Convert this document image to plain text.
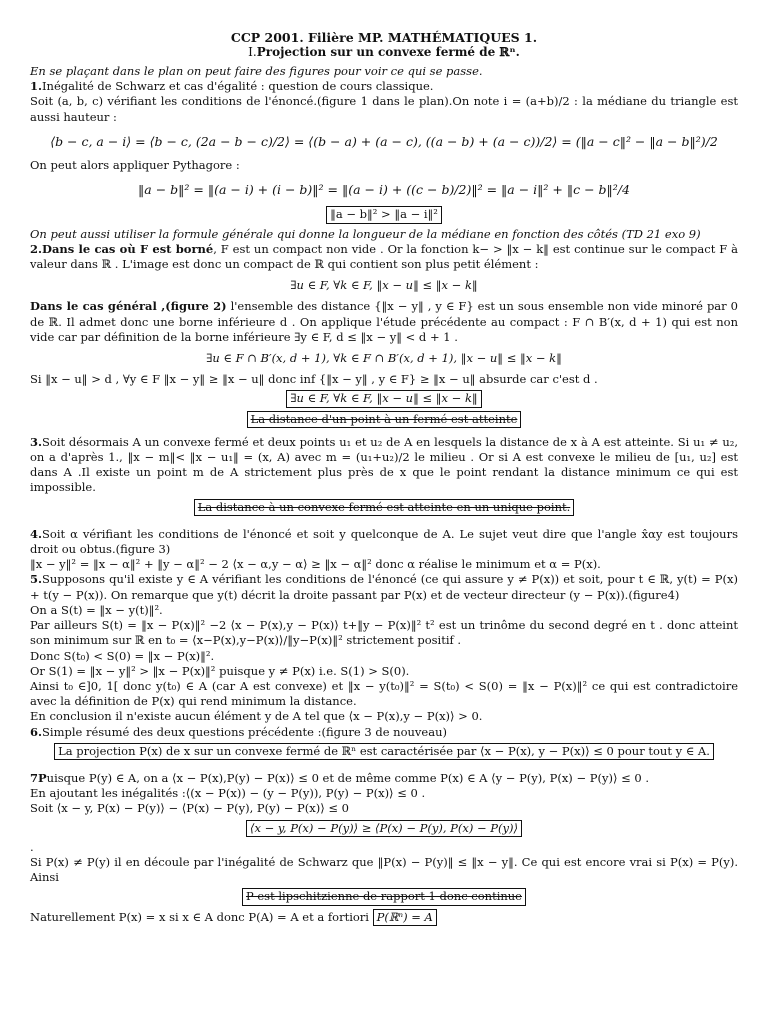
CCP 2001. Filière MP. MATHÉMATIQUES 1.
I.Projection sur un convexe fermé de ℝⁿ.

En se plaçant dans le plan on peut faire des figures pour voir ce qui se passe.

1.Inégalité de Schwarz et cas d'égalité : question de cours classique.

Soit (a, b, c) vérifiant les conditions de l'énoncé.(figure 1 dans le plan).On note i = (a+b)/2 : la médiane du triangle est aussi hauteur :

⟨b − c, a − i⟩ = ⟨b − c, (2a − b − c)/2⟩ = ⟨(b − a) + (a − c), ((a − b) + (a − c))/2⟩ = (‖a − c‖² − ‖a − b‖²)/2

On peut alors appliquer Pythagore :

‖a − b‖² = ‖(a − i) + (i − b)‖² = ‖(a − i) + ((c − b)/2)‖² = ‖a − i‖² + ‖c − b‖²/4
‖a − b‖² > ‖a − i‖²

On peut aussi utiliser la formule générale qui donne la longueur de la médiane en fonction des côtés (TD 21 exo 9)

2.Dans le cas où F est borné, F est un compact non vide . Or la fonction k− > ‖x − k‖ est continue sur le compact F à valeur dans ℝ . L'image est donc un compact de ℝ qui contient son plus petit élément :

∃u ∈ F, ∀k ∈ F, ‖x − u‖ ≤ ‖x − k‖

Dans le cas général ,(figure 2) l'ensemble des distance {‖x − y‖ , y ∈ F} est un sous ensemble non vide minoré par 0 de ℝ. Il admet donc une borne inférieure d . On applique l'étude précédente au compact : F ∩ B′(x, d + 1) qui est non vide car par définition de la borne inférieure ∃y ∈ F, d ≤ ‖x − y‖ < d + 1 .

∃u ∈ F ∩ B′(x, d + 1), ∀k ∈ F ∩ B′(x, d + 1), ‖x − u‖ ≤ ‖x − k‖

Si ‖x − u‖ > d , ∀y ∈ F ‖x − y‖ ≥ ‖x − u‖ donc inf {‖x − y‖ , y ∈ F} ≥ ‖x − u‖ absurde car c'est d .

∃u ∈ F, ∀k ∈ F, ‖x − u‖ ≤ ‖x − k‖
La distance d'un point à un fermé est atteinte

3.Soit désormais A un convexe fermé et deux points u₁ et u₂ de A en lesquels la distance de x à A est atteinte. Si u₁ ≠ u₂, on a d'après 1., ‖x − m‖< ‖x − u₁‖ = (x, A) avec m = (u₁+u₂)/2 le milieu . Or si A est convexe le milieu de [u₁, u₂] est dans A .Il existe un point m de A strictement plus près de x que le point rendant la distance minimum ce qui est impossible.

La distance à un convexe fermé est atteinte en un unique point.

4.Soit α vérifiant les conditions de l'énoncé et soit y quelconque de A. Le sujet veut dire que l'angle x̂αy est toujours droit ou obtus.(figure 3)

‖x − y‖² = ‖x − α‖² + ‖y − α‖² − 2 ⟨x − α,y − α⟩ ≥ ‖x − α‖² donc α réalise le minimum et α = P(x).

5.Supposons qu'il existe y ∈ A vérifiant les conditions de l'énoncé (ce qui assure y ≠ P(x)) et soit, pour t ∈ ℝ, y(t) = P(x) + t(y − P(x)). On remarque que y(t) décrit la droite passant par P(x) et de vecteur directeur (y − P(x)).(figure4)

On a S(t) = ‖x − y(t)‖².

Par ailleurs S(t) = ‖x − P(x)‖² −2 ⟨x − P(x),y − P(x)⟩ t+‖y − P(x)‖² t² est un trinôme du second degré en t . donc atteint son minimum sur ℝ en t₀ = ⟨x−P(x),y−P(x)⟩/‖y−P(x)‖² strictement positif .

Donc S(t₀) < S(0) = ‖x − P(x)‖².

Or S(1) = ‖x − y‖² > ‖x − P(x)‖² puisque y ≠ P(x) i.e. S(1) > S(0).

Ainsi t₀ ∈]0, 1[ donc y(t₀) ∈ A (car A est convexe) et ‖x − y(t₀)‖² = S(t₀) < S(0) = ‖x − P(x)‖² ce qui est contradictoire avec la définition de P(x) qui rend minimum la distance.

En conclusion il n'existe aucun élément y de A tel que ⟨x − P(x),y − P(x)⟩ > 0.

6.Simple résumé des deux questions précédente :(figure 3 de nouveau)

La projection P(x) de x sur un convexe fermé de ℝⁿ est caractérisée par ⟨x − P(x), y − P(x)⟩ ≤ 0 pour tout y ∈ A.

7Puisque P(y) ∈ A, on a ⟨x − P(x),P(y) − P(x)⟩ ≤ 0 et de même comme P(x) ∈ A ⟨y − P(y), P(x) − P(y)⟩ ≤ 0 .

En ajoutant les inégalités :⟨(x − P(x)) − (y − P(y)), P(y) − P(x)⟩ ≤ 0 .

Soit ⟨x − y, P(x) − P(y)⟩ − ⟨P(x) − P(y), P(y) − P(x)⟩ ≤ 0

⟨x − y, P(x) − P(y)⟩ ≥ ⟨P(x) − P(y), P(x) − P(y)⟩

.

Si P(x) ≠ P(y) il en découle par l'inégalité de Schwarz que ‖P(x) − P(y)‖ ≤ ‖x − y‖. Ce qui est encore vrai si P(x) = P(y). Ainsi

P est lipschitzienne de rapport 1 donc continue

Naturellement P(x) = x si x ∈ A donc P(A) = A et a fortiori P(ℝⁿ) = A
